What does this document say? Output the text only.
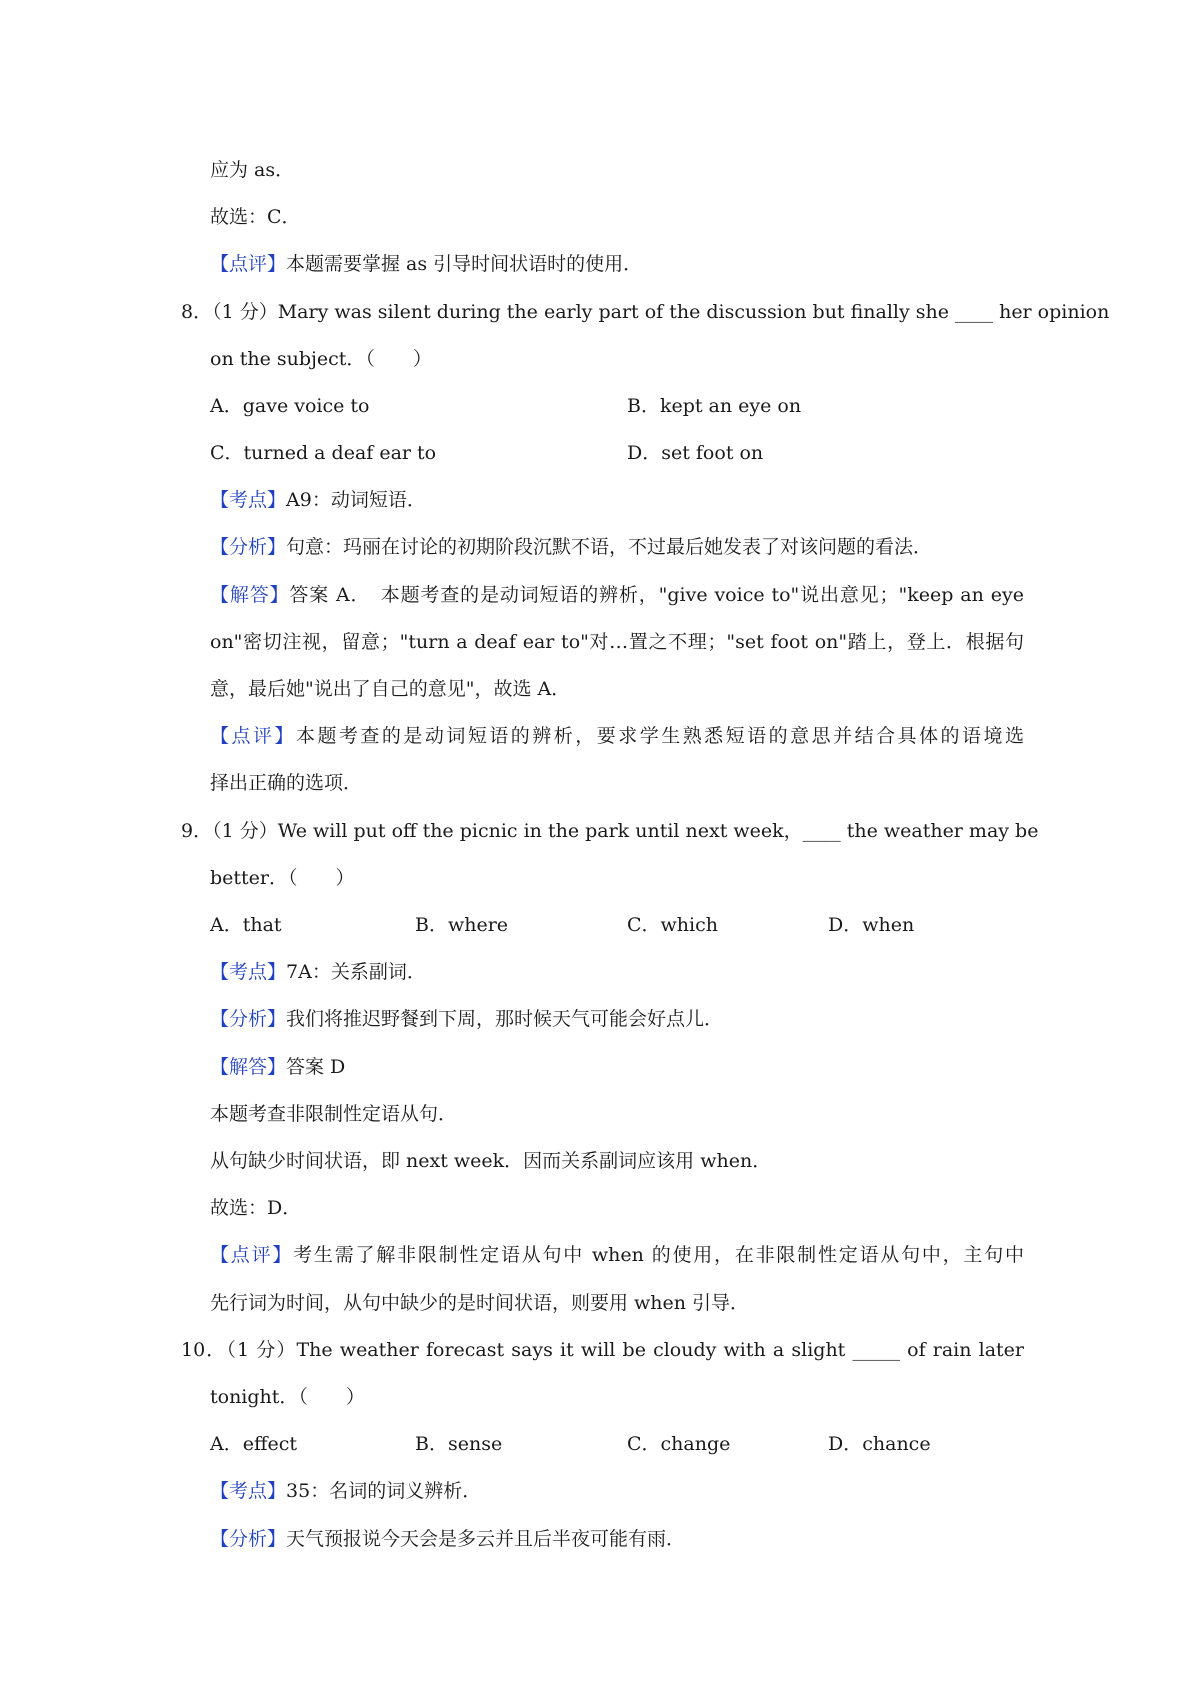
应为 as．
故选：C．
【点评】本题需要掌握 as 引导时间状语时的使用．
8．（1 分）Mary was silent during the early part of the discussion but finally she ____ her opinion
on the subject．（　　）
A．gave voice to	B．kept an eye on
C．turned a deaf ear to	D．set foot on
【考点】A9：动词短语．
【分析】句意：玛丽在讨论的初期阶段沉默不语，不过最后她发表了对该问题的看法．
【解答】答案 A．　本题考查的是动词短语的辨析，"give voice to"说出意见；"keep an eye
on"密切注视，留意；"turn a deaf ear to"对…置之不理；"set foot on"踏上，登上．根据句
意，最后她"说出了自己的意见"，故选 A．
【点评】本题考查的是动词短语的辨析，要求学生熟悉短语的意思并结合具体的语境选
择出正确的选项．
9．（1 分）We will put off the picnic in the park until next week，____ the weather may be
better．（　　）
A．that	B．where	C．which	D．when
【考点】7A：关系副词．
【分析】我们将推迟野餐到下周，那时候天气可能会好点儿．
【解答】答案 D
本题考查非限制性定语从句．
从句缺少时间状语，即 next week．因而关系副词应该用 when．
故选：D．
【点评】考生需了解非限制性定语从句中 when 的使用，在非限制性定语从句中，主句中
先行词为时间，从句中缺少的是时间状语，则要用 when 引导．
10．（1 分）The weather forecast says it will be cloudy with a slight _____ of rain later
tonight．（　　）
A．effect	B．sense	C．change	D．chance
【考点】35：名词的词义辨析．
【分析】天气预报说今天会是多云并且后半夜可能有雨．
